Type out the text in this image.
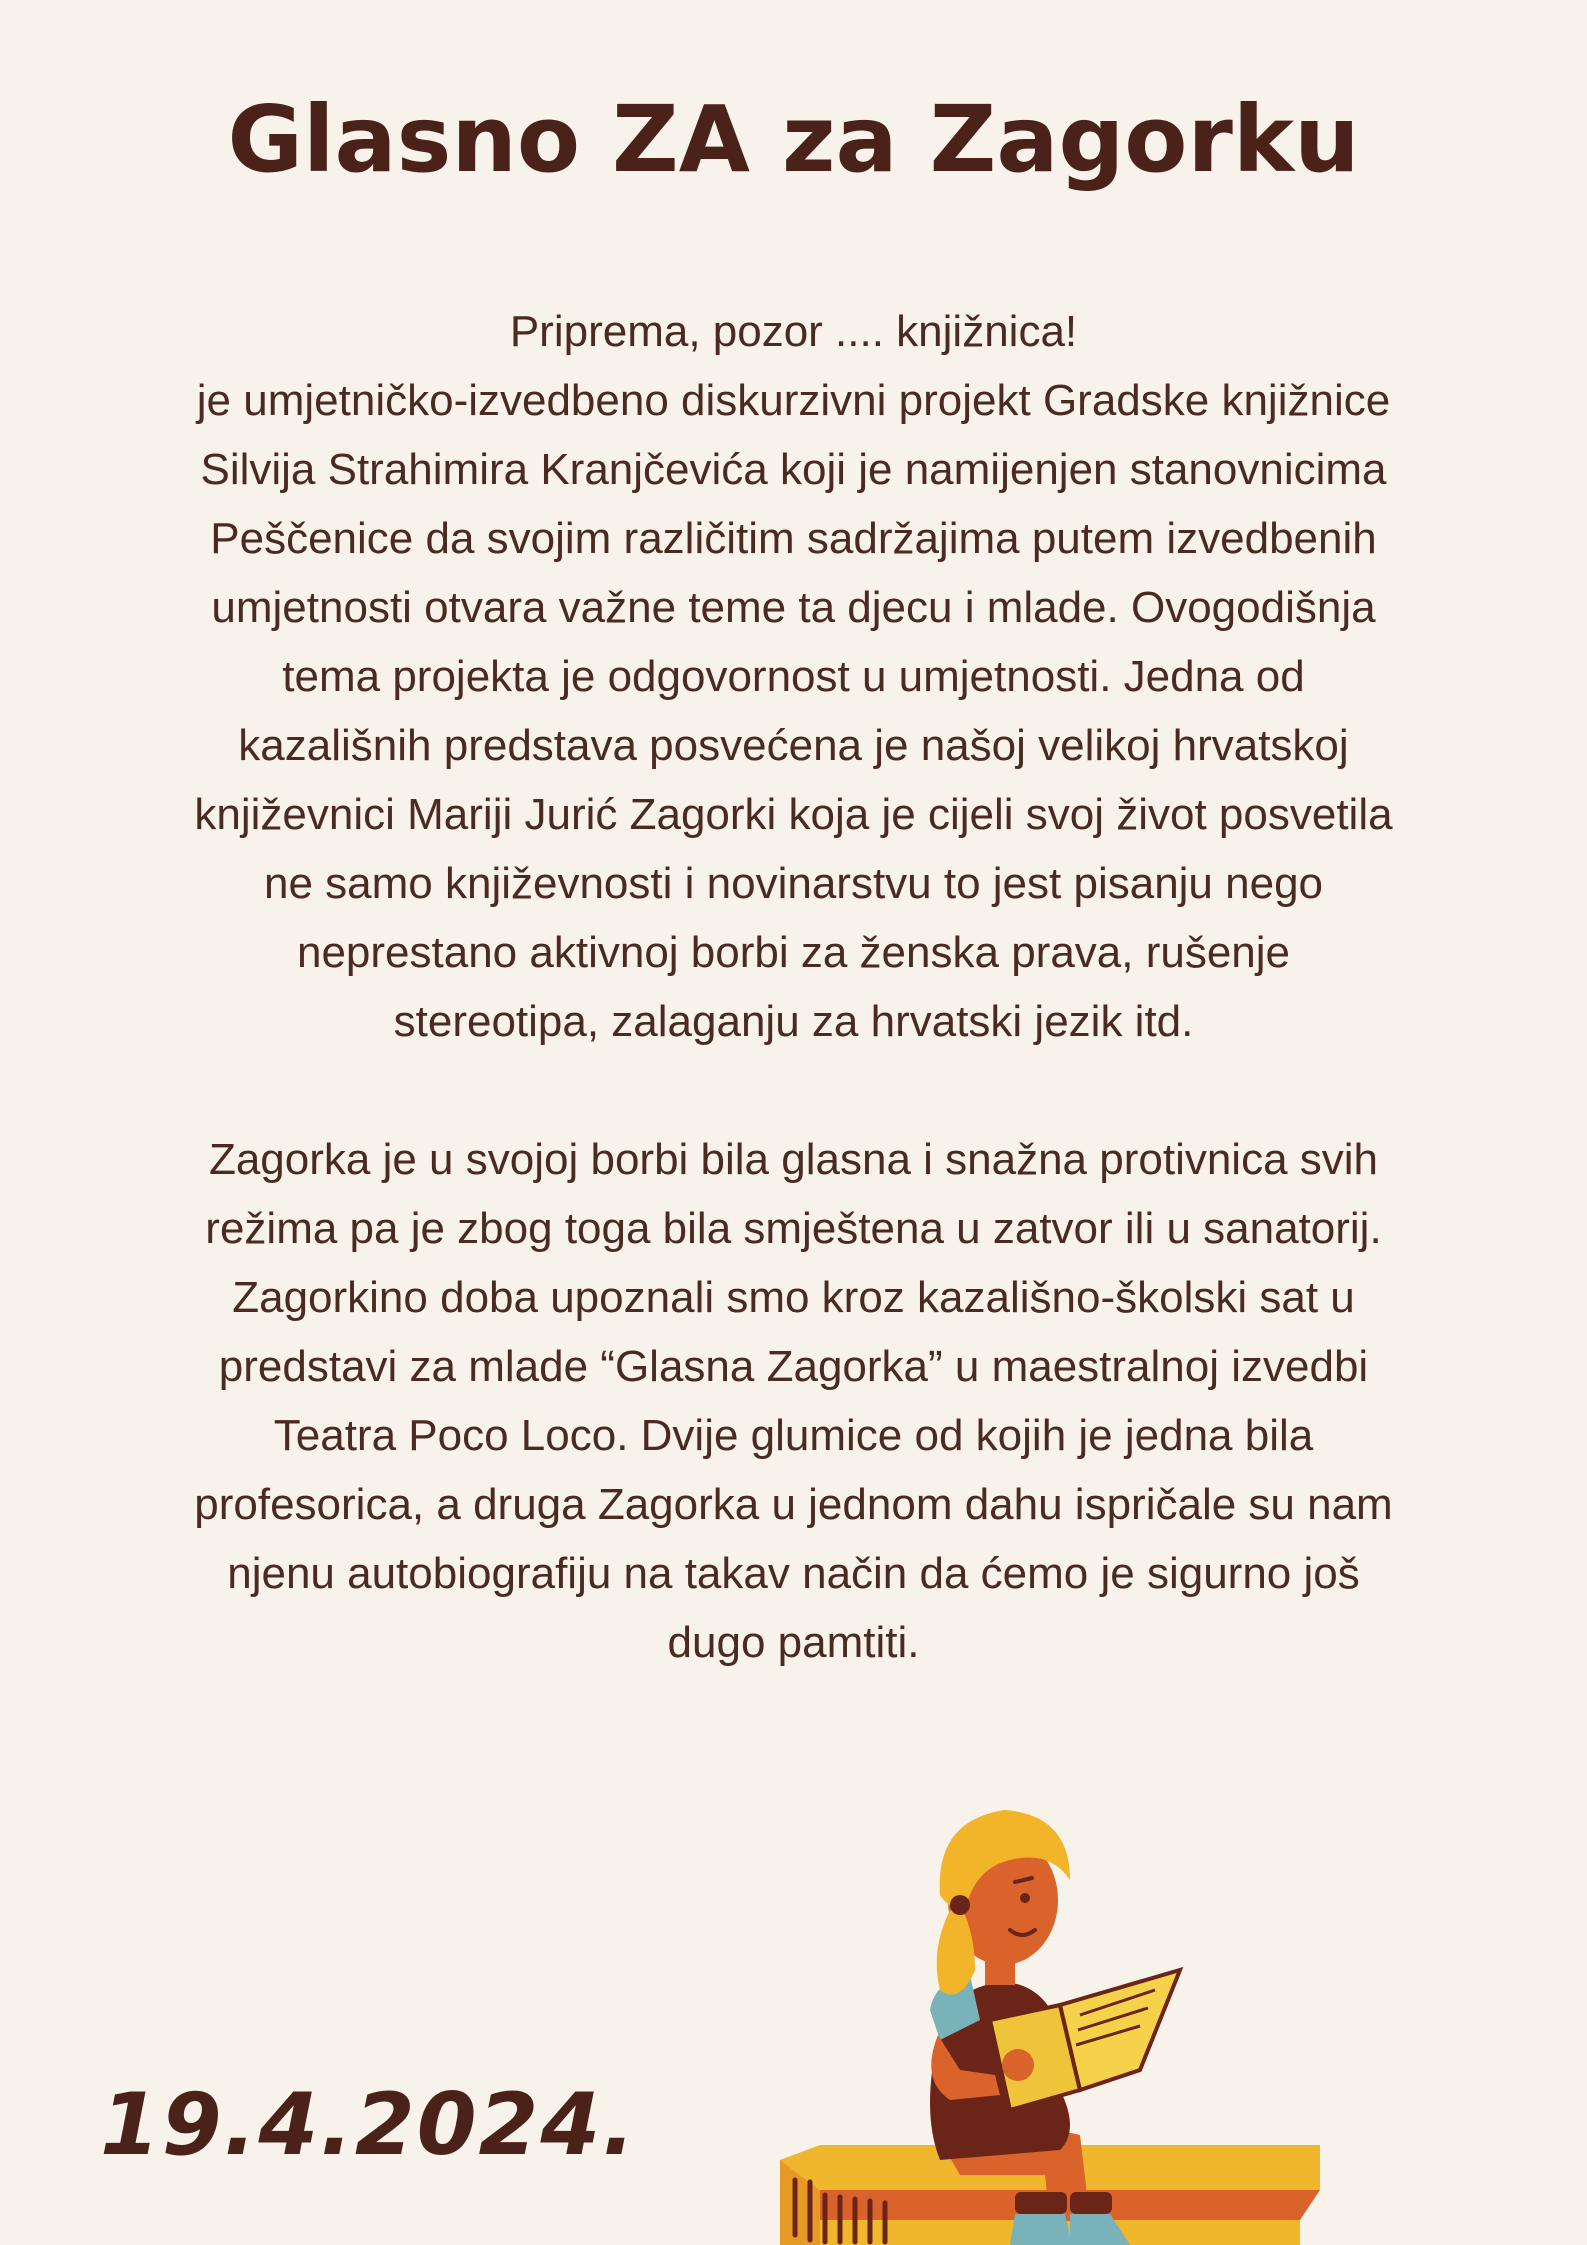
Glasno ZA za Zagorku
Priprema, pozor .... knjižnica!
je umjetničko-izvedbeno diskurzivni projekt Gradske knjižnice
Silvija Strahimira Kranjčevića koji je namijenjen stanovnicima
Peščenice da svojim različitim sadržajima putem izvedbenih
umjetnosti otvara važne teme ta djecu i mlade. Ovogodišnja
tema projekta je odgovornost u umjetnosti. Jedna od
kazališnih predstava posvećena je našoj velikoj hrvatskoj
književnici Mariji Jurić Zagorki koja je cijeli svoj život posvetila
ne samo književnosti i novinarstvu to jest pisanju nego
neprestano aktivnoj borbi za ženska prava, rušenje
stereotipa, zalaganju za hrvatski jezik itd.
Zagorka je u svojoj borbi bila glasna i snažna protivnica svih
režima pa je zbog toga bila smještena u zatvor ili u sanatorij.
Zagorkino doba upoznali smo kroz kazališno-školski sat u
predstavi za mlade “Glasna Zagorka” u maestralnoj izvedbi
Teatra Poco Loco. Dvije glumice od kojih je jedna bila
profesorica, a druga Zagorka u jednom dahu ispričale su nam
njenu autobiografiju na takav način da ćemo je sigurno još
dugo pamtiti.
19.4.2024.
